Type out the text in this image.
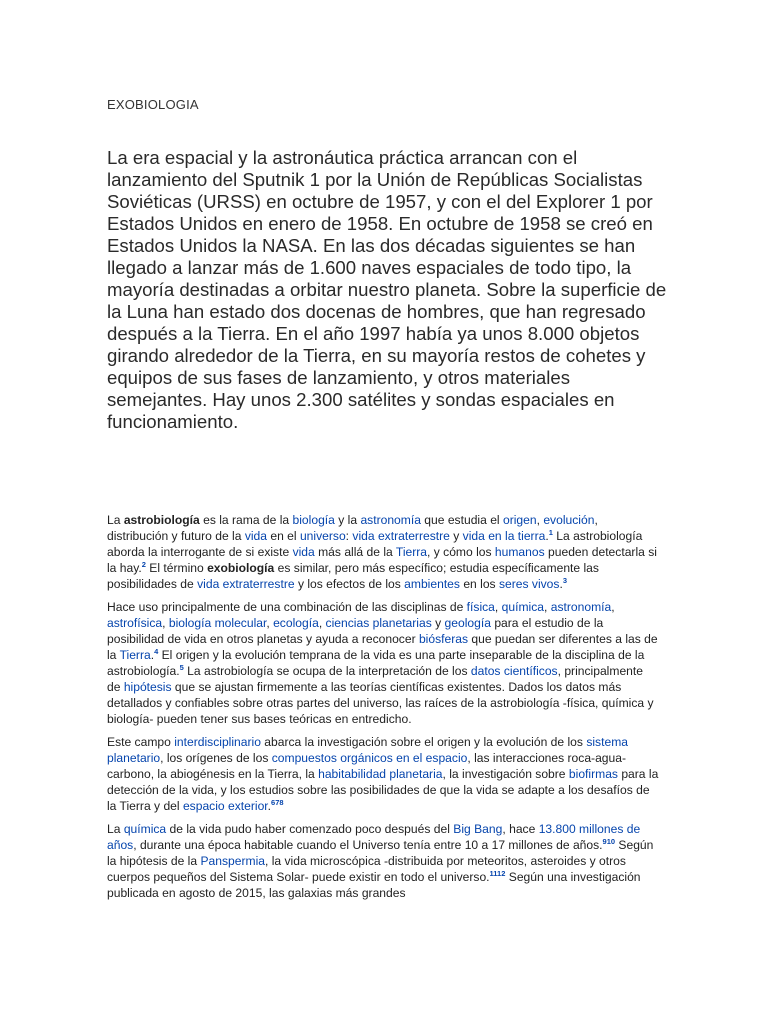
EXOBIOLOGIA

La era espacial y la astronáutica práctica arrancan con el lanzamiento del Sputnik 1 por la Unión de Repúblicas Socialistas Soviéticas (URSS) en octubre de 1957, y con el del Explorer 1 por Estados Unidos en enero de 1958. En octubre de 1958 se creó en Estados Unidos la NASA. En las dos décadas siguientes se han llegado a lanzar más de 1.600 naves espaciales de todo tipo, la mayoría destinadas a orbitar nuestro planeta. Sobre la superficie de la Luna han estado dos docenas de hombres, que han regresado después a la Tierra. En el año 1997 había ya unos 8.000 objetos girando alrededor de la Tierra, en su mayoría restos de cohetes y equipos de sus fases de lanzamiento, y otros materiales semejantes. Hay unos 2.300 satélites y sondas espaciales en funcionamiento.

La astrobiología es la rama de la biología y la astronomía que estudia el origen, evolución, distribución y futuro de la vida en el universo: vida extraterrestre y vida en la tierra.$^1$ La astrobiología aborda la interrogante de si existe vida más allá de la Tierra, y cómo los humanos pueden detectarla si la hay.$^2$ El término exobiología es similar, pero más específico; estudia específicamente las posibilidades de vida extraterrestre y los efectos de los ambientes en los seres vivos.$^3$

Hace uso principalmente de una combinación de las disciplinas de física, química, astronomía, astrofísica, biología molecular, ecología, ciencias planetarias y geología para el estudio de la posibilidad de vida en otros planetas y ayuda a reconocer biósferas que puedan ser diferentes a las de la Tierra.$^4$ El origen y la evolución temprana de la vida es una parte inseparable de la disciplina de la astrobiología.$^5$ La astrobiología se ocupa de la interpretación de los datos científicos, principalmente de hipótesis que se ajustan firmemente a las teorías científicas existentes. Dados los datos más detallados y confiables sobre otras partes del universo, las raíces de la astrobiología -física, química y biología- pueden tener sus bases teóricas en entredicho.

Este campo interdisciplinario abarca la investigación sobre el origen y la evolución de los sistema planetario, los orígenes de los compuestos orgánicos en el espacio, las interacciones roca-agua-carbono, la abiogénesis en la Tierra, la habitabilidad planetaria, la investigación sobre biofirmas para la detección de la vida, y los estudios sobre las posibilidades de que la vida se adapte a los desafíos de la Tierra y del espacio exterior.$^{678}$

La química de la vida pudo haber comenzado poco después del Big Bang, hace 13.800 millones de años, durante una época habitable cuando el Universo tenía entre 10 a 17 millones de años.$^{910}$ Según la hipótesis de la Panspermia, la vida microscópica -distribuida por meteoritos, asteroides y otros cuerpos pequeños del Sistema Solar- puede existir en todo el universo.$^{1112}$ Según una investigación publicada en agosto de 2015, las galaxias más grandes
